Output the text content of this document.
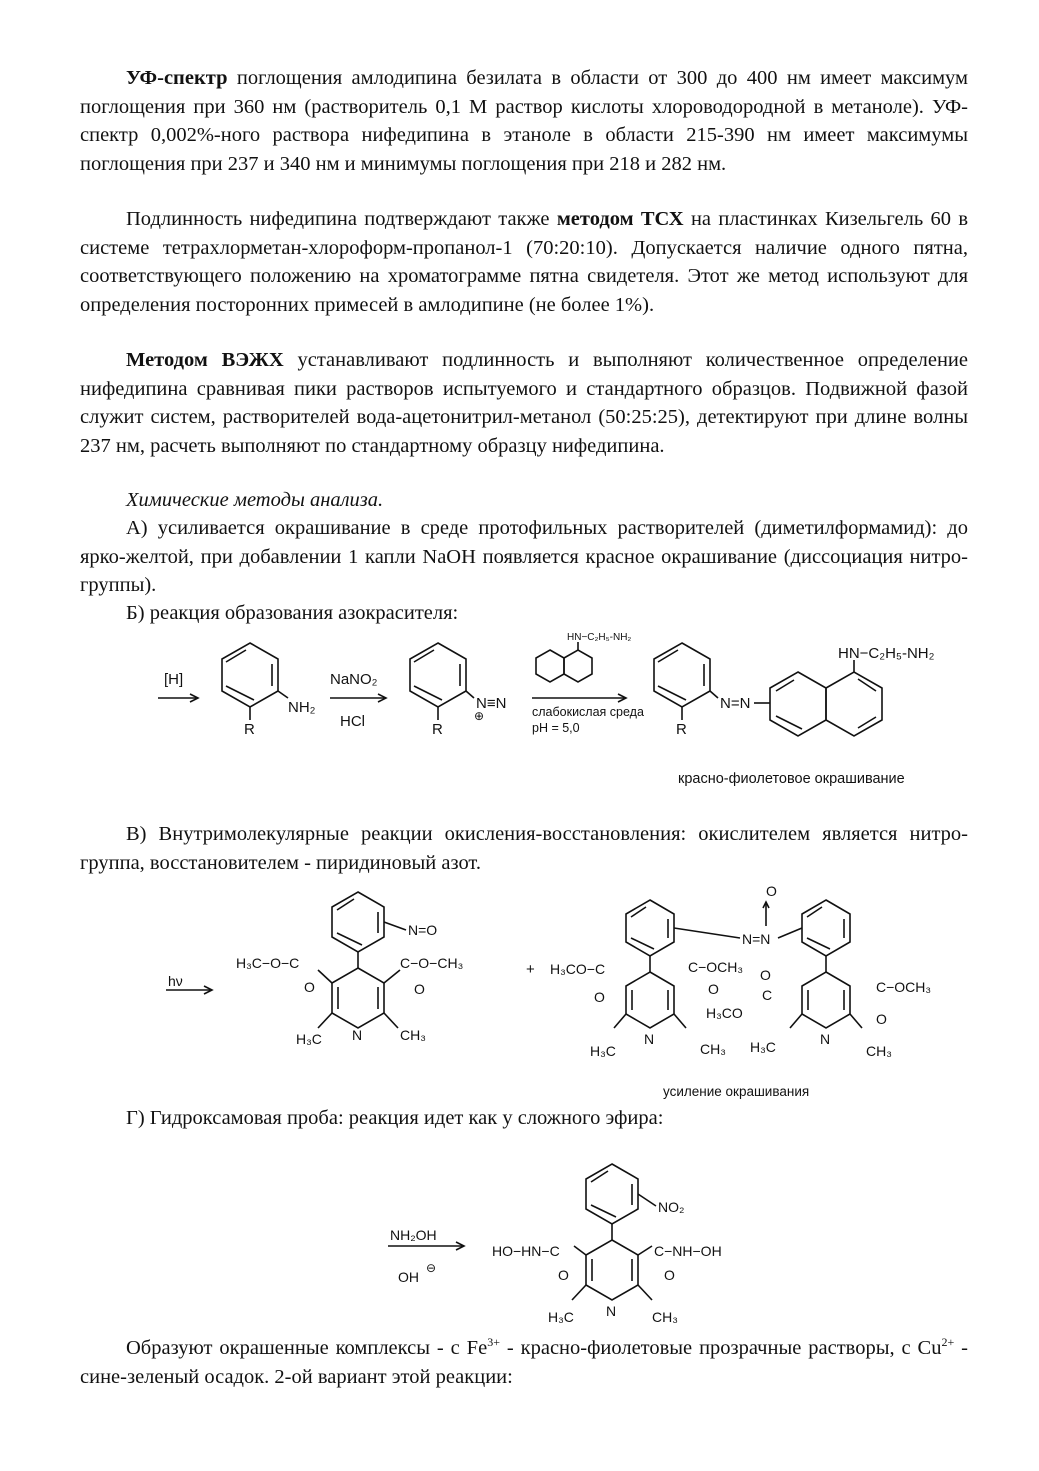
УФ-спектр поглощения амлодипина безилата в области от 300 до 400 нм имеет максимум поглощения при 360 нм (растворитель 0,1 М раствор кислоты хлороводородной в метаноле). УФ-спектр 0,002%-ного раствора нифедипина в этаноле в области 215-390 нм имеет максимумы поглощения при 237 и 340 нм и минимумы поглощения при 218 и 282 нм.

Подлинность нифедипина подтверждают также методом ТСХ на пластинках Кизельгель 60 в системе тетрахлорметан-хлороформ-пропанол-1 (70:20:10). Допускается наличие одного пятна, соответствующего положению на хроматограмме пятна свидетеля. Этот же метод используют для определения посторонних примесей в амлодипине (не более 1%).

Методом ВЭЖХ устанавливают подлинность и выполняют количественное определение нифедипина сравнивая пики растворов испытуемого и стандартного образцов. Подвижной фазой служит систем, растворителей вода-ацетонитрил-метанол (50:25:25), детектируют при длине волны 237 нм, расчеть выполняют по стандартному образцу нифедипина.

Химические методы анализа.

А) усиливается окрашивание в среде протофильных растворителей (диметилформамид): до ярко-желтой, при добавлении 1 капли NaOH появляется красное окрашивание (диссоциация нитро-группы).

Б) реакция образования азокрасителя:

[H]
NH₂
R
NaNO₂
HCl
N≡N
⊕
R
HN−C₂H₅-NH₂
слабокислая среда
pH = 5,0	R
N=N
HN−C₂H₅-NH₂

красно-фиолетовое окрашивание

В) Внутримолекулярные реакции окисления-восстановления: окислителем является нитро-группа, восстановителем - пиридиновый азот.

hν
N=O
H₃C−O−C
O
C−O−CH₃
O
N
H₃C	CH₃
+
O
N=N
H₃CO−C
O
C−OCH₃
O
O
C
H₃CO
C−OCH₃
O
N	N
H₃C	CH₃ H₃C	CH₃

усиление окрашивания

Г) Гидроксамовая проба: реакция идет как у сложного эфира:

NH₂OH
OH
⊖
NO₂
HO−HN−C
O
C−NH−OH
O
N
H₃C	CH₃

Образуют окрашенные комплексы - с $Fe^{3+}$ - красно-фиолетовые прозрачные растворы, с $Cu^{2+}$ - сине-зеленый осадок. 2-ой вариант этой реакции:
